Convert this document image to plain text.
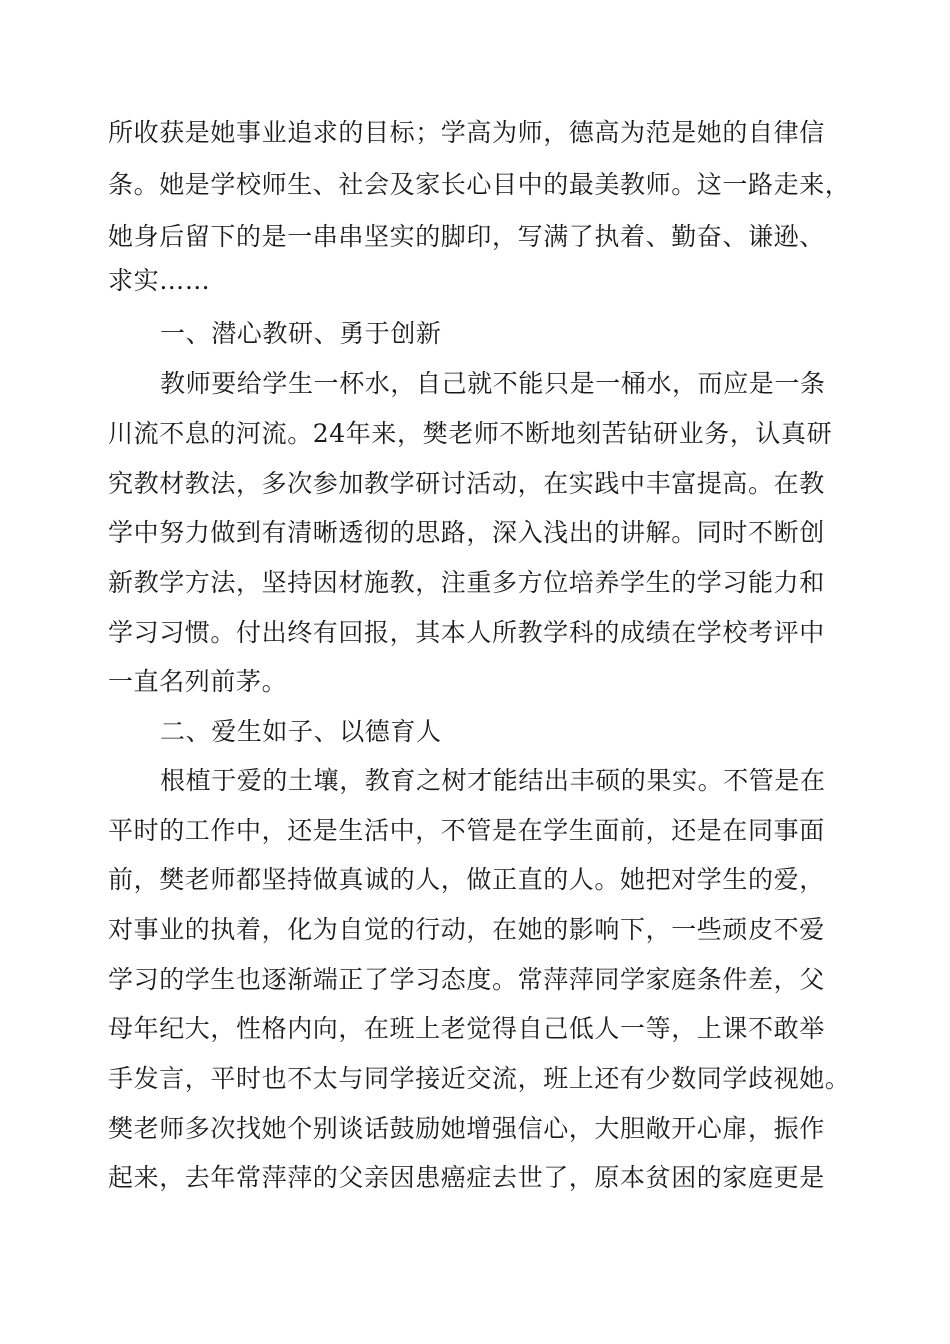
所收获是她事业追求的目标；学高为师，德高为范是她的自律信
条。她是学校师生、社会及家长心目中的最美教师。这一路走来，
她身后留下的是一串串坚实的脚印，写满了执着、勤奋、谦逊、
求实……
一、潜心教研、勇于创新
教师要给学生一杯水，自己就不能只是一桶水，而应是一条
川流不息的河流。24年来，樊老师不断地刻苦钻研业务，认真研
究教材教法，多次参加教学研讨活动，在实践中丰富提高。在教
学中努力做到有清晰透彻的思路，深入浅出的讲解。同时不断创
新教学方法，坚持因材施教，注重多方位培养学生的学习能力和
学习习惯。付出终有回报，其本人所教学科的成绩在学校考评中
一直名列前茅。
二、爱生如子、以德育人
根植于爱的土壤，教育之树才能结出丰硕的果实。不管是在
平时的工作中，还是生活中，不管是在学生面前，还是在同事面
前，樊老师都坚持做真诚的人，做正直的人。她把对学生的爱，
对事业的执着，化为自觉的行动，在她的影响下，一些顽皮不爱
学习的学生也逐渐端正了学习态度。常萍萍同学家庭条件差，父
母年纪大，性格内向，在班上老觉得自己低人一等，上课不敢举
手发言，平时也不太与同学接近交流，班上还有少数同学歧视她。
樊老师多次找她个别谈话鼓励她增强信心，大胆敞开心扉，振作
起来，去年常萍萍的父亲因患癌症去世了，原本贫困的家庭更是
